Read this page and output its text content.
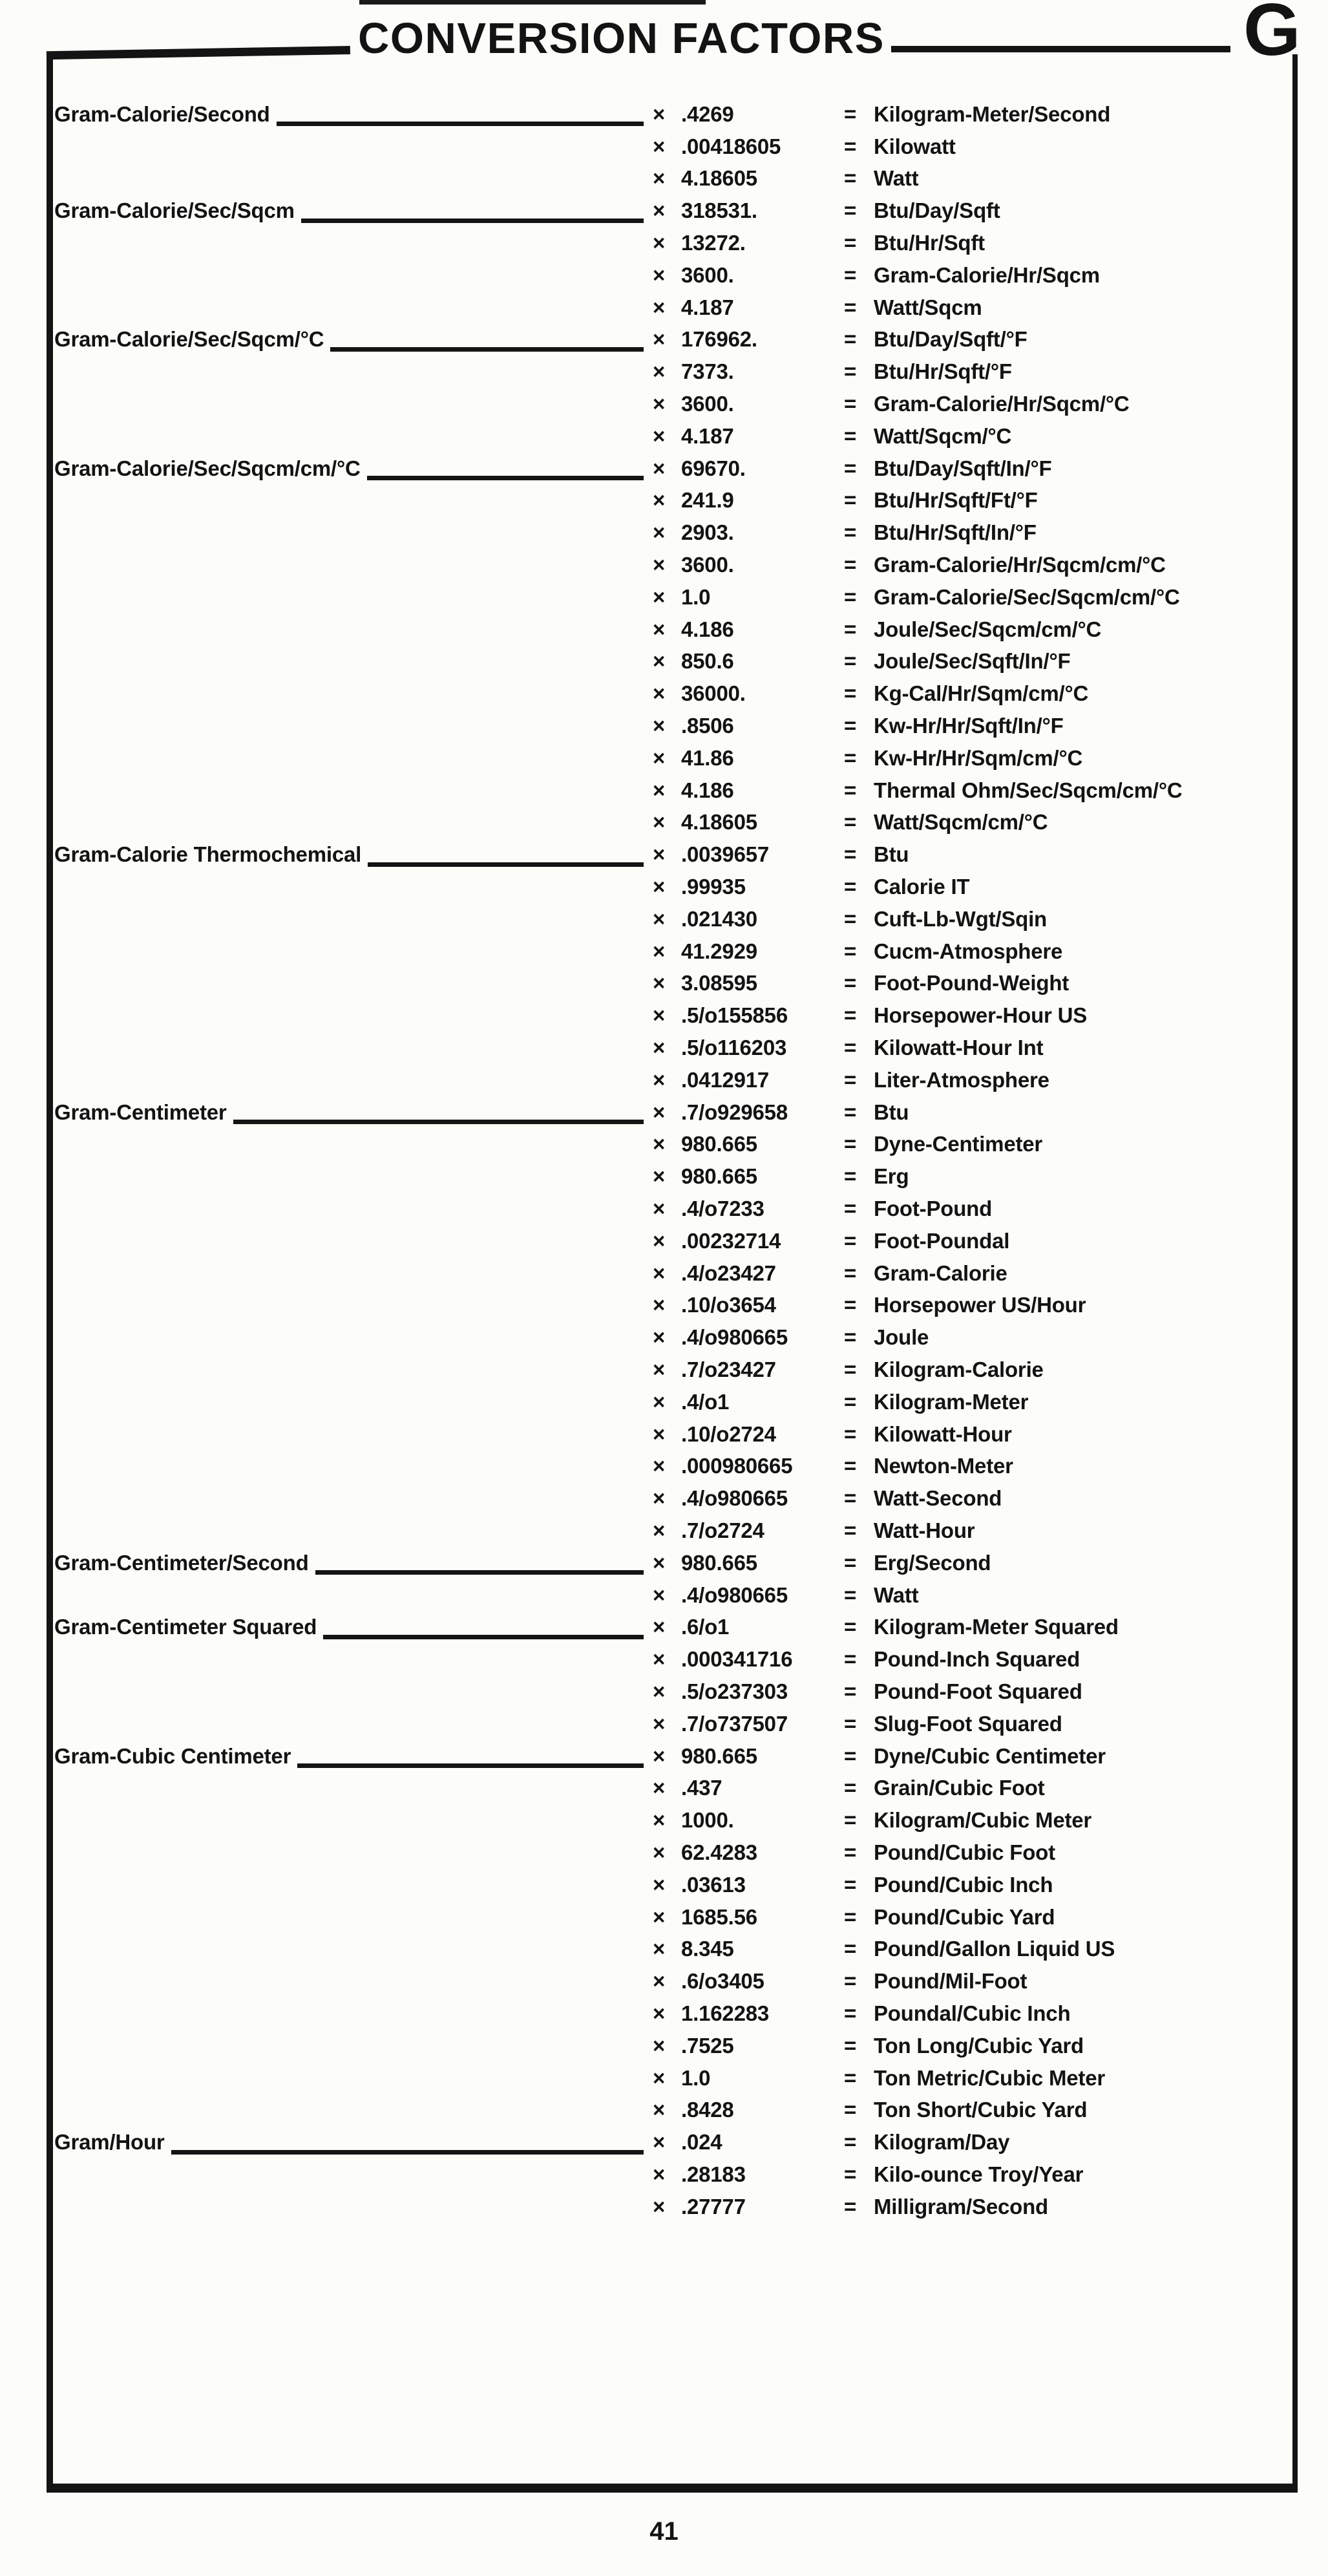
CONVERSION FACTORS	G
Gram-Calorie/Second	× .4269	= Kilogram-Meter/Second
× .00418605	= Kilowatt
× 4.18605	= Watt
Gram-Calorie/Sec/Sqcm	× 318531.	= Btu/Day/Sqft
× 13272.	= Btu/Hr/Sqft
× 3600.	= Gram-Calorie/Hr/Sqcm
× 4.187	= Watt/Sqcm
Gram-Calorie/Sec/Sqcm/°C	× 176962.	= Btu/Day/Sqft/°F
× 7373.	= Btu/Hr/Sqft/°F
× 3600.	= Gram-Calorie/Hr/Sqcm/°C
× 4.187	= Watt/Sqcm/°C
Gram-Calorie/Sec/Sqcm/cm/°C	× 69670.	= Btu/Day/Sqft/In/°F
× 241.9	= Btu/Hr/Sqft/Ft/°F
× 2903.	= Btu/Hr/Sqft/In/°F
× 3600.	= Gram-Calorie/Hr/Sqcm/cm/°C
× 1.0	= Gram-Calorie/Sec/Sqcm/cm/°C
× 4.186	= Joule/Sec/Sqcm/cm/°C
× 850.6	= Joule/Sec/Sqft/In/°F
× 36000.	= Kg-Cal/Hr/Sqm/cm/°C
× .8506	= Kw-Hr/Hr/Sqft/In/°F
× 41.86	= Kw-Hr/Hr/Sqm/cm/°C
× 4.186	= Thermal Ohm/Sec/Sqcm/cm/°C
× 4.18605	= Watt/Sqcm/cm/°C
Gram-Calorie Thermochemical	× .0039657	= Btu
× .99935	= Calorie IT
× .021430	= Cuft-Lb-Wgt/Sqin
× 41.2929	= Cucm-Atmosphere
× 3.08595	= Foot-Pound-Weight
× .5/o155856	= Horsepower-Hour US
× .5/o116203	= Kilowatt-Hour Int
× .0412917	= Liter-Atmosphere
Gram-Centimeter	× .7/o929658	= Btu
× 980.665	= Dyne-Centimeter
× 980.665	= Erg
× .4/o7233	= Foot-Pound
× .00232714	= Foot-Poundal
× .4/o23427	= Gram-Calorie
× .10/o3654	= Horsepower US/Hour
× .4/o980665	= Joule
× .7/o23427	= Kilogram-Calorie
× .4/o1	= Kilogram-Meter
× .10/o2724	= Kilowatt-Hour
× .000980665	= Newton-Meter
× .4/o980665	= Watt-Second
× .7/o2724	= Watt-Hour
Gram-Centimeter/Second	× 980.665	= Erg/Second
× .4/o980665	= Watt
Gram-Centimeter Squared	× .6/o1	= Kilogram-Meter Squared
× .000341716	= Pound-Inch Squared
× .5/o237303	= Pound-Foot Squared
× .7/o737507	= Slug-Foot Squared
Gram-Cubic Centimeter	× 980.665	= Dyne/Cubic Centimeter
× .437	= Grain/Cubic Foot
× 1000.	= Kilogram/Cubic Meter
× 62.4283	= Pound/Cubic Foot
× .03613	= Pound/Cubic Inch
× 1685.56	= Pound/Cubic Yard
× 8.345	= Pound/Gallon Liquid US
× .6/o3405	= Pound/Mil-Foot
× 1.162283	= Poundal/Cubic Inch
× .7525	= Ton Long/Cubic Yard
× 1.0	= Ton Metric/Cubic Meter
× .8428	= Ton Short/Cubic Yard
Gram/Hour	× .024	= Kilogram/Day
× .28183	= Kilo-ounce Troy/Year
× .27777	= Milligram/Second
41
